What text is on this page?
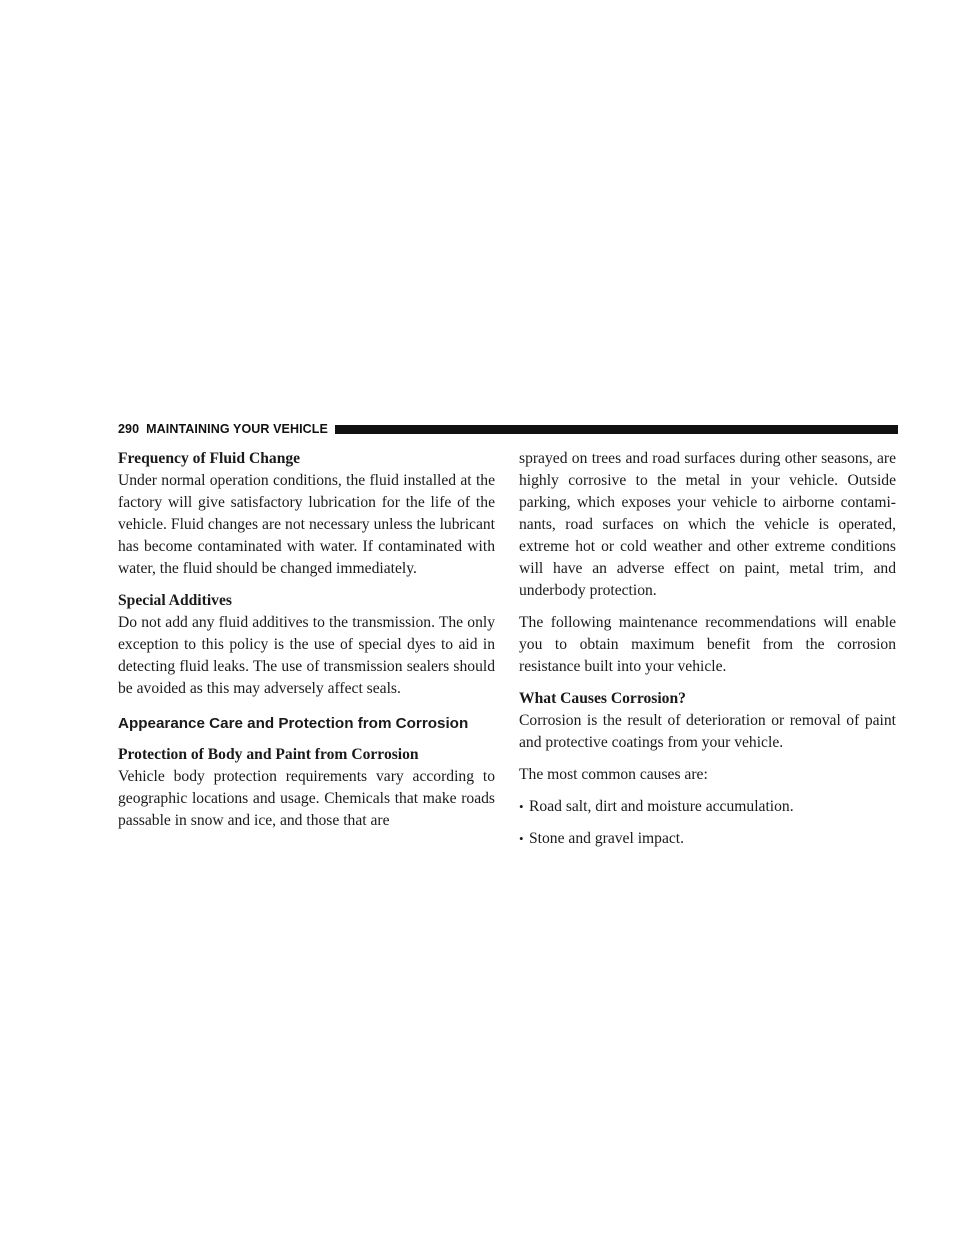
290 MAINTAINING YOUR VEHICLE
Frequency of Fluid Change

Under normal operation conditions, the fluid installed at the factory will give satisfactory lubrication for the life of the vehicle. Fluid changes are not necessary unless the lubricant has become contaminated with water. If contaminated with water, the fluid should be changed immediately.

Special Additives

Do not add any fluid additives to the transmission. The only exception to this policy is the use of special dyes to aid in detecting fluid leaks. The use of transmission sealers should be avoided as this may adversely affect seals.

Appearance Care and Protection from Corrosion
Protection of Body and Paint from Corrosion

Vehicle body protection requirements vary according to geographic locations and usage. Chemicals that make roads passable in snow and ice, and those that are

sprayed on trees and road surfaces during other seasons, are highly corrosive to the metal in your vehicle. Outside parking, which exposes your vehicle to airborne contaminants, road surfaces on which the vehicle is operated, extreme hot or cold weather and other extreme conditions will have an adverse effect on paint, metal trim, and underbody protection.

The following maintenance recommendations will enable you to obtain maximum benefit from the corrosion resistance built into your vehicle.

What Causes Corrosion?

Corrosion is the result of deterioration or removal of paint and protective coatings from your vehicle.

The most common causes are:

• Road salt, dirt and moisture accumulation.
• Stone and gravel impact.
